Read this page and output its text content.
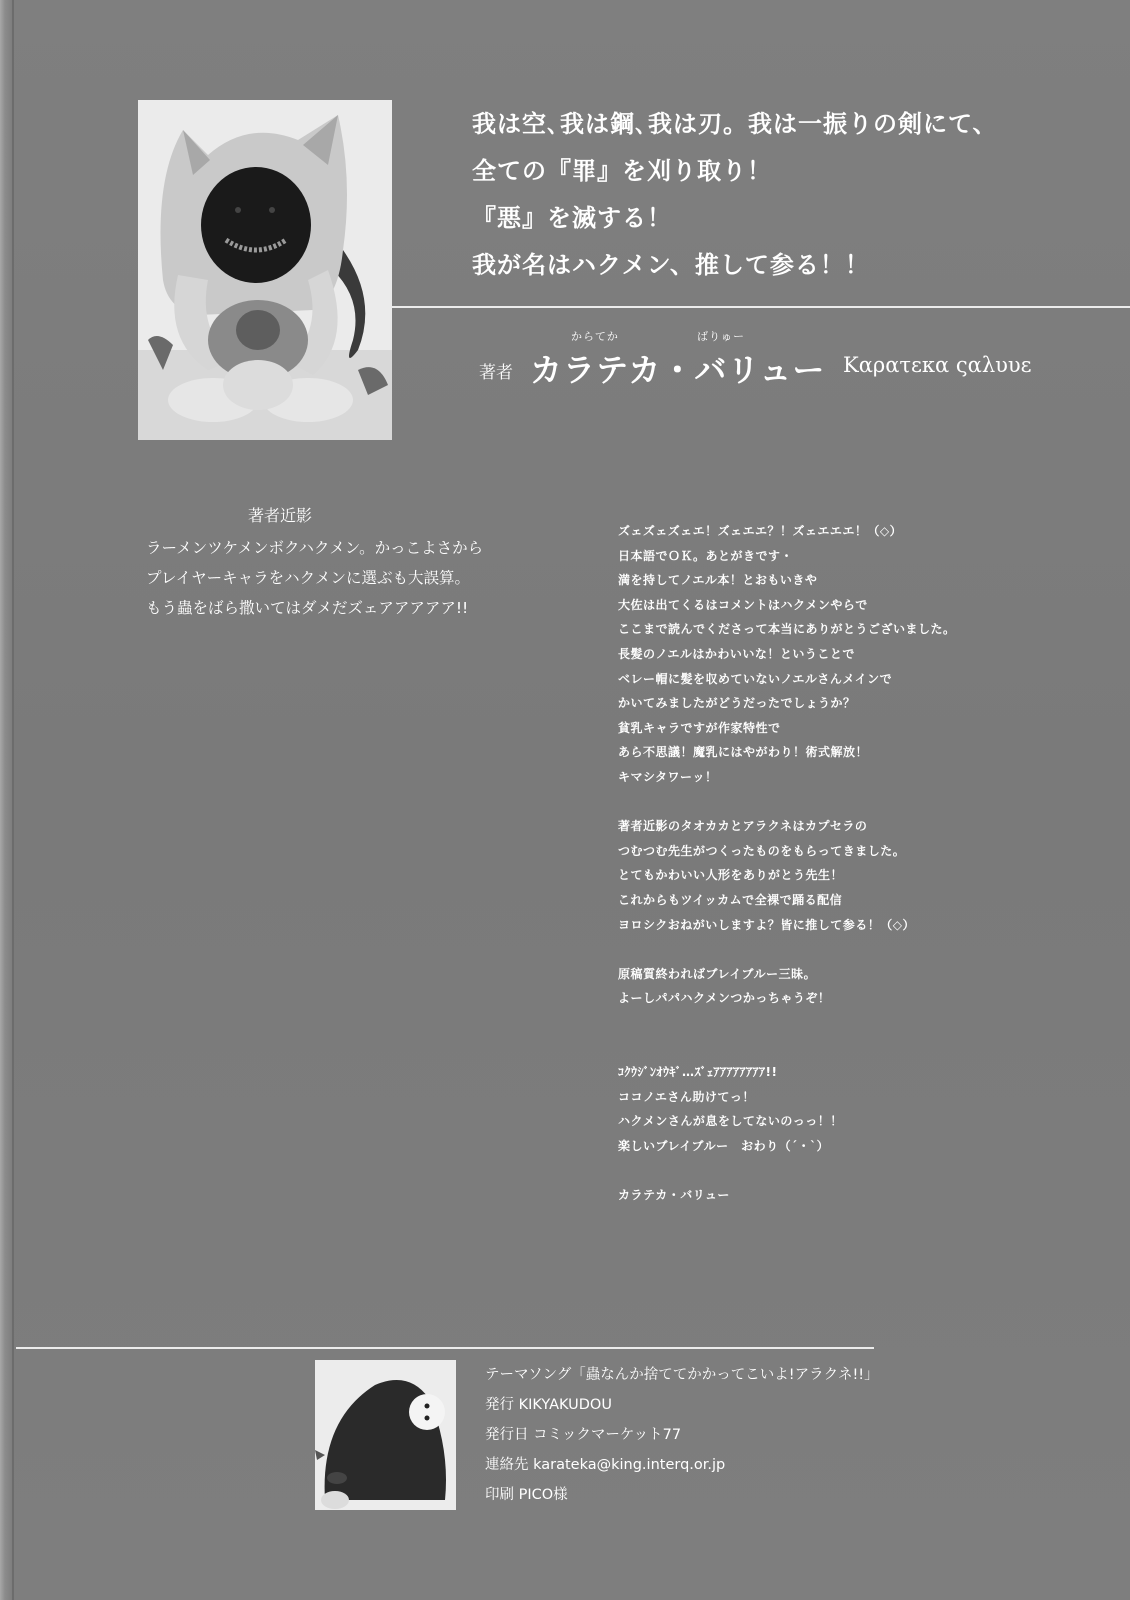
我は空､我は鋼､我は刃。我は一振りの剣にて、
全ての『罪』を刈り取り！
『悪』を滅する！
我が名はハクメン、推して参る！！
からてか	ばりゅー
著者 カラテカ・バリュー Καρατεκα ςαλυυε
著者近影
ラーメンツケメンボクハクメン。かっこよさから
プレイヤーキャラをハクメンに選ぶも大誤算。
もう蟲をばら撒いてはダメだズェアアアアア!!
ズェズェズェエ！ズェエエ？！ズェエエエ！（◇）
日本語でＯＫ。あとがきです・
満を持してノエル本！とおもいきや
大佐は出てくるはコメントはハクメンやらで
ここまで読んでくださって本当にありがとうございました。
長髪のノエルはかわいいな！ということで
ベレー帽に髪を収めていないノエルさんメインで
かいてみましたがどうだったでしょうか？
貧乳キャラですが作家特性で
あら不思議！魔乳にはやがわり！術式解放！
キマシタワーッ！
著者近影のタオカカとアラクネはカプセラの
つむつむ先生がつくったものをもらってきました。
とてもかわいい人形をありがとう先生！
これからもツイッカムで全裸で踊る配信
ヨロシクおねがいしますよ？皆に推して参る！（◇）
原稿質終わればブレイブルー三昧。
よーしパパハクメンつかっちゃうぞ！
ｺｸｳｼﾞﾝｵｳｷﾞ…ｽﾞｪｱｱｱｱｱｱｱｱ!!
ココノエさん助けてっ！
ハクメンさんが息をしてないのっっ！！
楽しいブレイブルー　おわり（´・`）
カラテカ・バリュー
テーマソング「蟲なんか捨ててかかってこいよ!アラクネ!!」
発行 KIKYAKUDOU
発行日 コミックマーケット77
連絡先 karateka@king.interq.or.jp
印刷 PICO様
